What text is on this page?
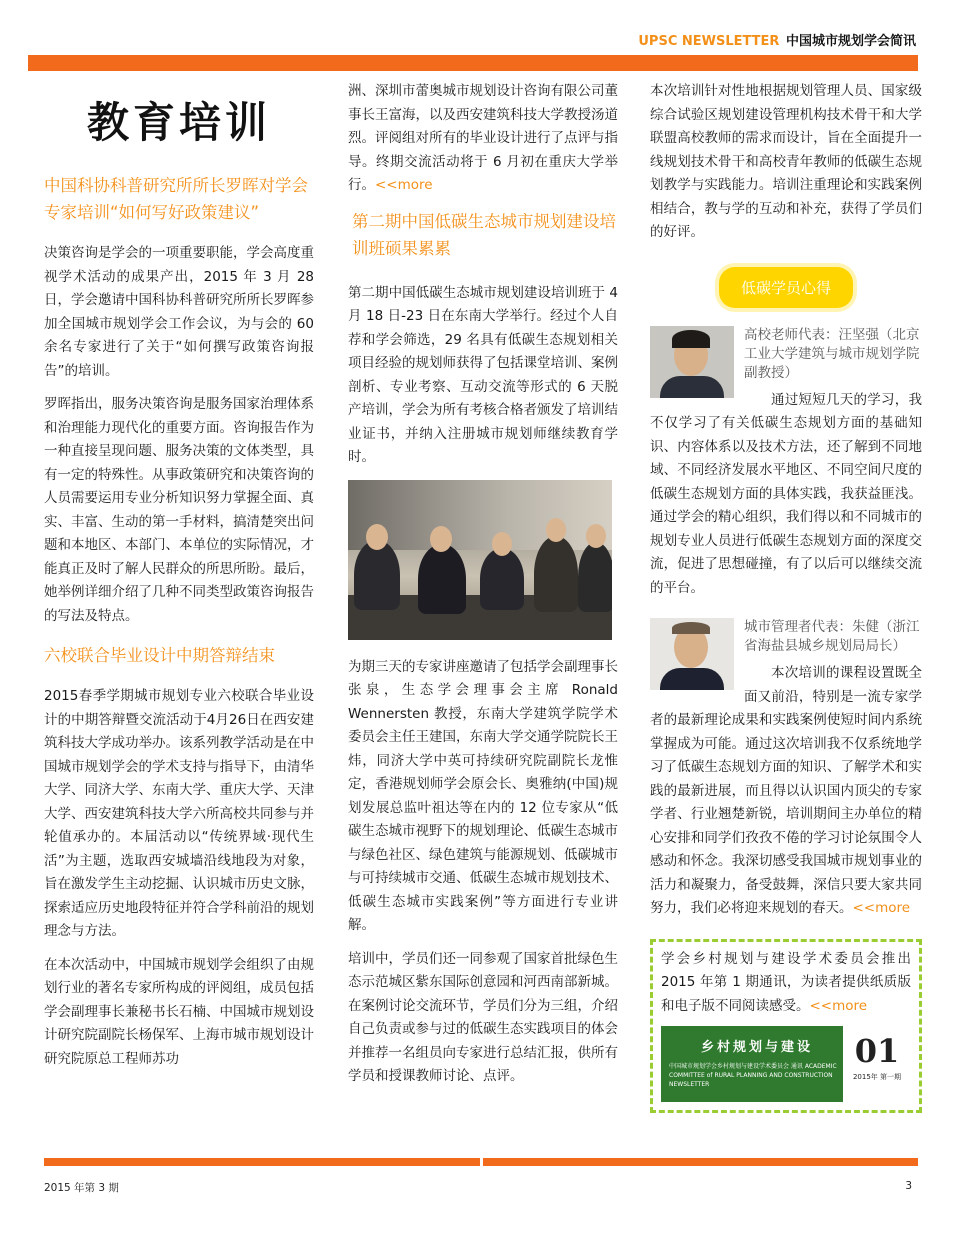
UPSC NEWSLETTER 中国城市规划学会简讯
教育培训
中国科协科普研究所所长罗晖对学会专家培训“如何写好政策建议”

决策咨询是学会的一项重要职能，学会高度重视学术活动的成果产出，2015 年 3 月 28 日，学会邀请中国科协科普研究所所长罗晖参加全国城市规划学会工作会议，为与会的 60 余名专家进行了关于“如何撰写政策咨询报告”的培训。

罗晖指出，服务决策咨询是服务国家治理体系和治理能力现代化的重要方面。咨询报告作为一种直接呈现问题、服务决策的文体类型，具有一定的特殊性。从事政策研究和决策咨询的人员需要运用专业分析知识努力掌握全面、真实、丰富、生动的第一手材料，搞清楚突出问题和本地区、本部门、本单位的实际情况，才能真正及时了解人民群众的所思所盼。最后，她举例详细介绍了几种不同类型政策咨询报告的写法及特点。

六校联合毕业设计中期答辩结束

2015春季学期城市规划专业六校联合毕业设计的中期答辩暨交流活动于4月26日在西安建筑科技大学成功举办。该系列教学活动是在中国城市规划学会的学术支持与指导下，由清华大学、同济大学、东南大学、重庆大学、天津大学、西安建筑科技大学六所高校共同参与并轮值承办的。本届活动以“传统界域·现代生活”为主题，选取西安城墙沿线地段为对象，旨在激发学生主动挖掘、认识城市历史文脉，探索适应历史地段特征并符合学科前沿的规划理念与方法。

在本次活动中，中国城市规划学会组织了由规划行业的著名专家所构成的评阅组，成员包括学会副理事长兼秘书长石楠、中国城市规划设计研究院副院长杨保军、上海市城市规划设计研究院原总工程师苏功

洲、深圳市蕾奥城市规划设计咨询有限公司董事长王富海，以及西安建筑科技大学教授汤道烈。评阅组对所有的毕业设计进行了点评与指导。终期交流活动将于 6 月初在重庆大学举行。<<more

第二期中国低碳生态城市规划建设培训班硕果累累

第二期中国低碳生态城市规划建设培训班于 4 月 18 日-23 日在东南大学举行。经过个人自荐和学会筛选，29 名具有低碳生态规划相关项目经验的规划师获得了包括课堂培训、案例剖析、专业考察、互动交流等形式的 6 天脱产培训，学会为所有考核合格者颁发了培训结业证书，并纳入注册城市规划师继续教育学时。

为期三天的专家讲座邀请了包括学会副理事长张泉，生态学会理事会主席 Ronald Wennersten 教授，东南大学建筑学院学术委员会主任王建国，东南大学交通学院院长王炜，同济大学中英可持续研究院副院长龙惟定，香港规划师学会原会长、奥雅纳(中国)规划发展总监叶祖达等在内的 12 位专家从“低碳生态城市视野下的规划理论、低碳生态城市与绿色社区、绿色建筑与能源规划、低碳城市与可持续城市交通、低碳生态城市规划技术、低碳生态城市实践案例”等方面进行专业讲解。

培训中，学员们还一同参观了国家首批绿色生态示范城区紫东国际创意园和河西南部新城。在案例讨论交流环节，学员们分为三组，介绍自己负责或参与过的低碳生态实践项目的体会并推荐一名组员向专家进行总结汇报，供所有学员和授课教师讨论、点评。

本次培训针对性地根据规划管理人员、国家级综合试验区规划建设管理机构技术骨干和大学联盟高校教师的需求而设计，旨在全面提升一线规划技术骨干和高校青年教师的低碳生态规划教学与实践能力。培训注重理论和实践案例相结合，教与学的互动和补充，获得了学员们的好评。

低碳学员心得
高校老师代表：汪坚强（北京工业大学建筑与城市规划学院副教授）

通过短短几天的学习，我不仅学习了有关低碳生态规划方面的基础知识、内容体系以及技术方法，还了解到不同地域、不同经济发展水平地区、不同空间尺度的低碳生态规划方面的具体实践，我获益匪浅。通过学会的精心组织，我们得以和不同城市的规划专业人员进行低碳生态规划方面的深度交流，促进了思想碰撞，有了以后可以继续交流的平台。

城市管理者代表：朱健（浙江省海盐县城乡规划局局长）

本次培训的课程设置既全面又前沿，特别是一流专家学者的最新理论成果和实践案例使短时间内系统掌握成为可能。通过这次培训我不仅系统地学习了低碳生态规划方面的知识、了解学术和实践的最新进展，而且得以认识国内顶尖的专家学者、行业翘楚新锐，培训期间主办单位的精心安排和同学们孜孜不倦的学习讨论氛围令人感动和怀念。我深切感受我国城市规划事业的活力和凝聚力，备受鼓舞，深信只要大家共同努力，我们必将迎来规划的春天。<<more

学会乡村规划与建设学术委员会推出 2015 年第 1 期通讯，为读者提供纸质版和电子版不同阅读感受。<<more

乡村规划与建设
中国城市规划学会乡村规划与建设学术委员会 通讯 ACADEMIC COMMITTEE of RURAL PLANNING AND CONSTRUCTION NEWSLETTER
01
2015年 第一期
2015 年第 3 期	3
